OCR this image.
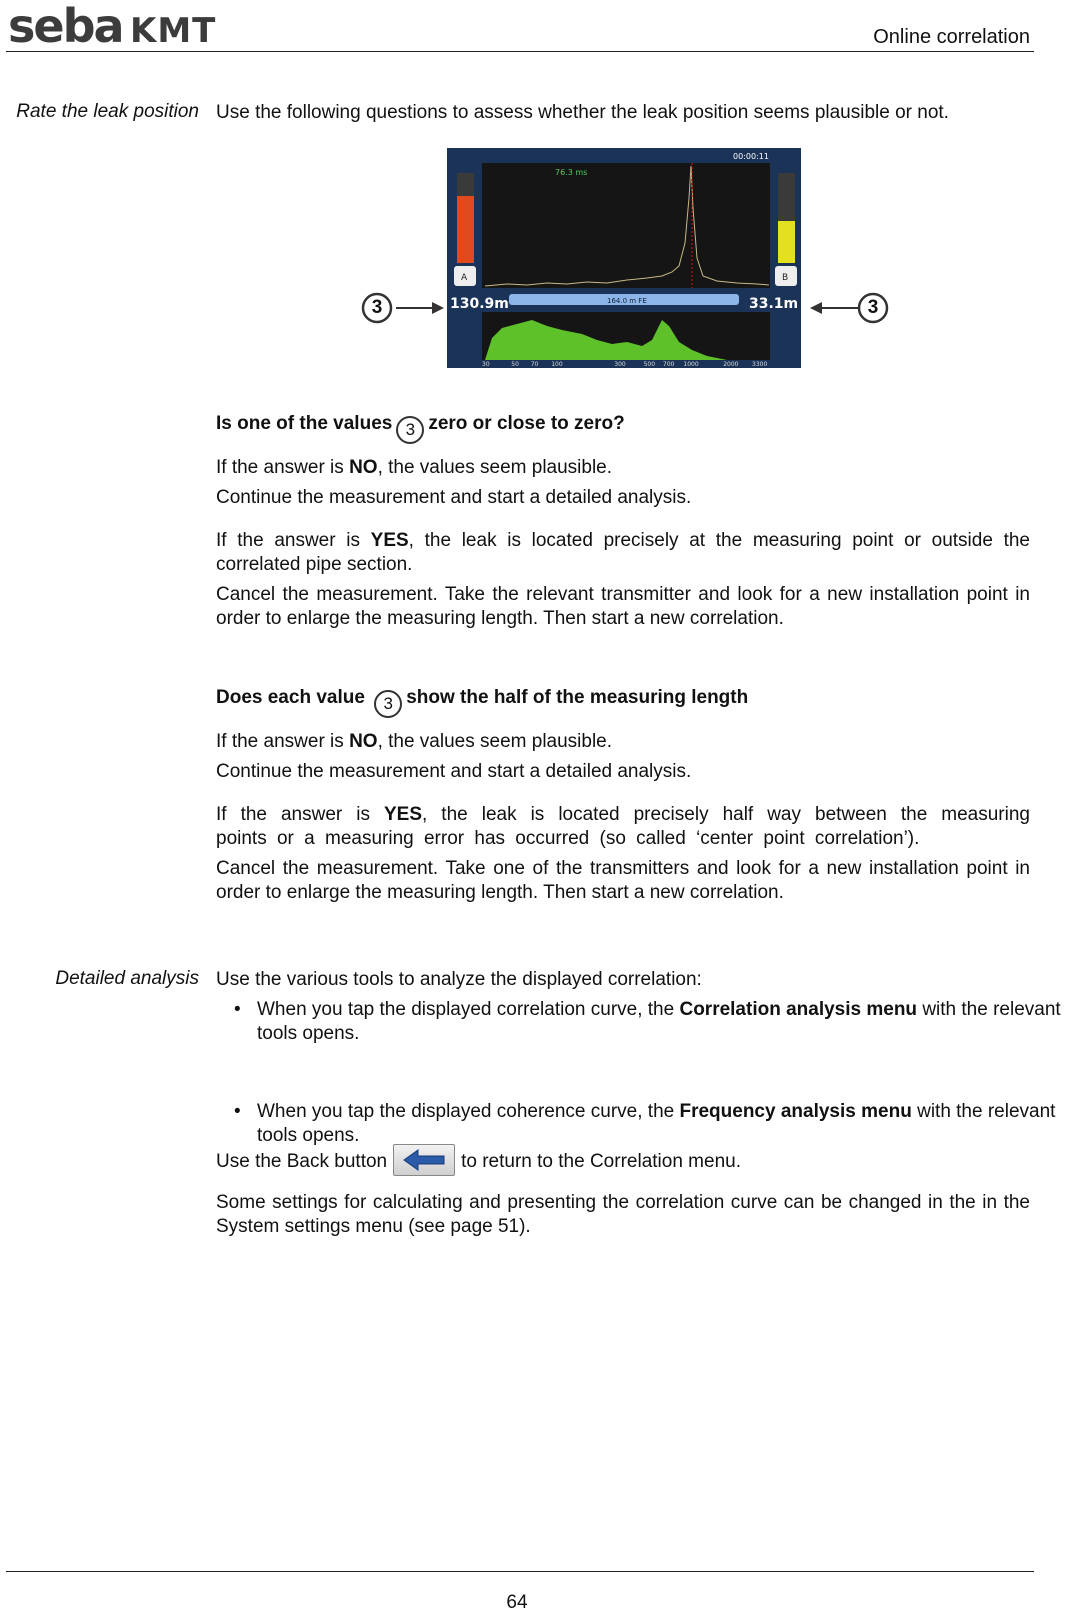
seba KMT	Online correlation
Rate the leak position Use the following questions to assess whether the leak position seems plausible or not.
3
76.3 ms
00:00:11
A	B
130.9m	33.1m
164.0 m FE
30	50 70 100	300	500 700 1000	2000 3300
3
Is one of the values 3 zero or close to zero?
If the answer is NO, the values seem plausible.
Continue the measurement and start a detailed analysis.
If the answer is YES, the leak is located precisely at the measuring point or outside the correlated pipe section.
Cancel the measurement. Take the relevant transmitter and look for a new installation point in order to enlarge the measuring length. Then start a new correlation.
Does each value 3 show the half of the measuring length
If the answer is NO, the values seem plausible.
Continue the measurement and start a detailed analysis.
If the answer is YES, the leak is located precisely half way between the measuring points or a measuring error has occurred (so called ‘center point correlation’).
Cancel the measurement. Take one of the transmitters and look for a new installation point in order to enlarge the measuring length. Then start a new correlation.
Detailed analysis Use the various tools to analyze the displayed correlation:
• When you tap the displayed correlation curve, the Correlation analysis menu with the relevant tools opens.
• When you tap the displayed coherence curve, the Frequency analysis menu with the relevant tools opens.
Use the Back button	to return to the Correlation menu.
Some settings for calculating and presenting the correlation curve can be changed in the in the System settings menu (see page 51).
64
